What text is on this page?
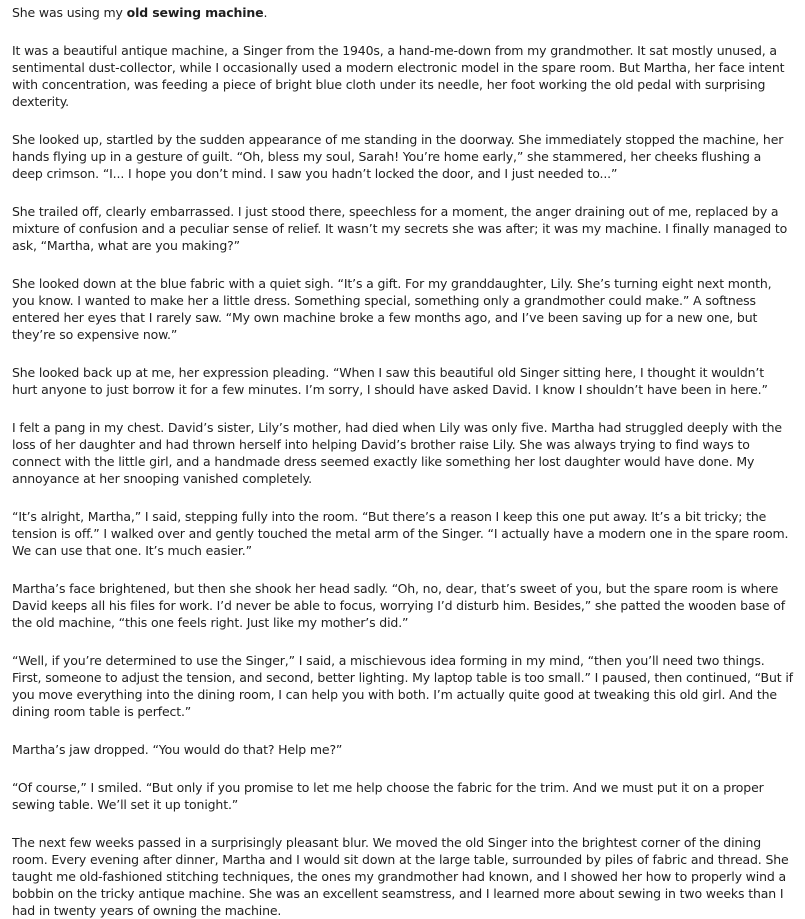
She was using my old sewing machine.

It was a beautiful antique machine, a Singer from the 1940s, a hand-me-down from my grandmother. It sat mostly unused, a sentimental dust-collector, while I occasionally used a modern electronic model in the spare room. But Martha, her face intent with concentration, was feeding a piece of bright blue cloth under its needle, her foot working the old pedal with surprising dexterity.

She looked up, startled by the sudden appearance of me standing in the doorway. She immediately stopped the machine, her hands flying up in a gesture of guilt. “Oh, bless my soul, Sarah! You’re home early,” she stammered, her cheeks flushing a deep crimson. “I... I hope you don’t mind. I saw you hadn’t locked the door, and I just needed to...”

She trailed off, clearly embarrassed. I just stood there, speechless for a moment, the anger draining out of me, replaced by a mixture of confusion and a peculiar sense of relief. It wasn’t my secrets she was after; it was my machine. I finally managed to ask, “Martha, what are you making?”

She looked down at the blue fabric with a quiet sigh. “It’s a gift. For my granddaughter, Lily. She’s turning eight next month, you know. I wanted to make her a little dress. Something special, something only a grandmother could make.” A softness entered her eyes that I rarely saw. “My own machine broke a few months ago, and I’ve been saving up for a new one, but they’re so expensive now.”

She looked back up at me, her expression pleading. “When I saw this beautiful old Singer sitting here, I thought it wouldn’t hurt anyone to just borrow it for a few minutes. I’m sorry, I should have asked David. I know I shouldn’t have been in here.”

I felt a pang in my chest. David’s sister, Lily’s mother, had died when Lily was only five. Martha had struggled deeply with the loss of her daughter and had thrown herself into helping David’s brother raise Lily. She was always trying to find ways to connect with the little girl, and a handmade dress seemed exactly like something her lost daughter would have done. My annoyance at her snooping vanished completely.

“It’s alright, Martha,” I said, stepping fully into the room. “But there’s a reason I keep this one put away. It’s a bit tricky; the tension is off.” I walked over and gently touched the metal arm of the Singer. “I actually have a modern one in the spare room. We can use that one. It’s much easier.”

Martha’s face brightened, but then she shook her head sadly. “Oh, no, dear, that’s sweet of you, but the spare room is where David keeps all his files for work. I’d never be able to focus, worrying I’d disturb him. Besides,” she patted the wooden base of the old machine, “this one feels right. Just like my mother’s did.”

“Well, if you’re determined to use the Singer,” I said, a mischievous idea forming in my mind, “then you’ll need two things. First, someone to adjust the tension, and second, better lighting. My laptop table is too small.” I paused, then continued, “But if you move everything into the dining room, I can help you with both. I’m actually quite good at tweaking this old girl. And the dining room table is perfect.”

Martha’s jaw dropped. “You would do that? Help me?”

“Of course,” I smiled. “But only if you promise to let me help choose the fabric for the trim. And we must put it on a proper sewing table. We’ll set it up tonight.”

The next few weeks passed in a surprisingly pleasant blur. We moved the old Singer into the brightest corner of the dining room. Every evening after dinner, Martha and I would sit down at the large table, surrounded by piles of fabric and thread. She taught me old-fashioned stitching techniques, the ones my grandmother had known, and I showed her how to properly wind a bobbin on the tricky antique machine. She was an excellent seamstress, and I learned more about sewing in two weeks than I had in twenty years of owning the machine.
